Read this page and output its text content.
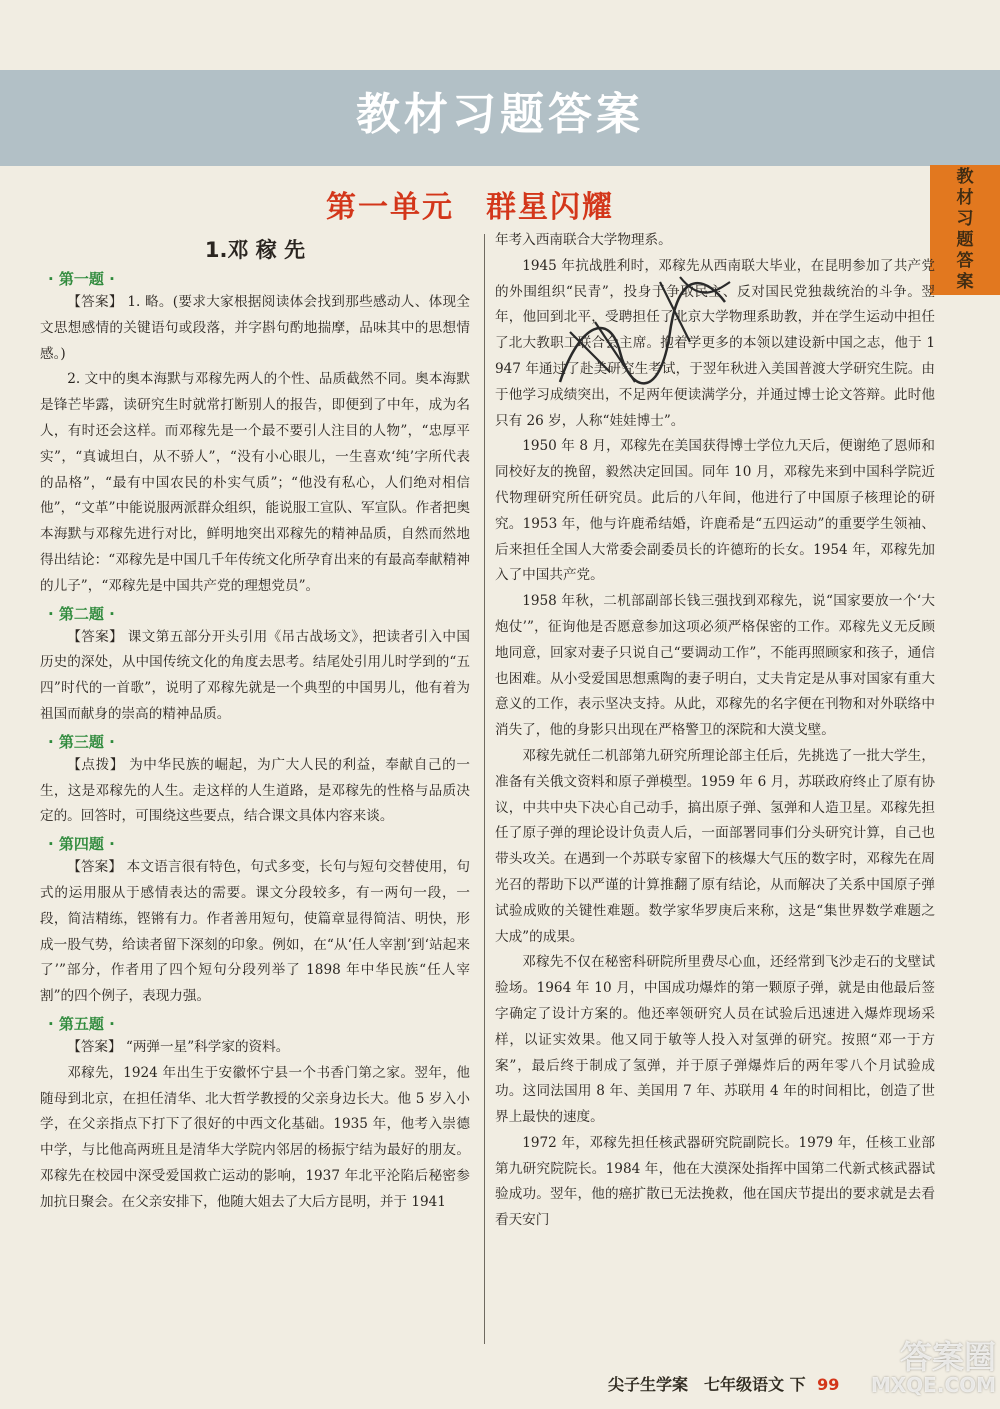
教材习题答案
教材习题答案
第一单元　群星闪耀
1.邓 稼 先
· 第一题 ·

【答案】 1. 略。(要求大家根据阅读体会找到那些感动人、体现全文思想感情的关键语句或段落，并字斟句酌地揣摩，品味其中的思想情感。)

2. 文中的奥本海默与邓稼先两人的个性、品质截然不同。奥本海默是锋芒毕露，读研究生时就常打断别人的报告，即便到了中年，成为名人，有时还会这样。而邓稼先是一个最不要引人注目的人物”，“忠厚平实”，“真诚坦白，从不骄人”，“没有小心眼儿，一生喜欢‘纯’字所代表的品格”，“最有中国农民的朴实气质”；“他没有私心，人们绝对相信他”，“文革”中能说服两派群众组织，能说服工宣队、军宣队。作者把奥本海默与邓稼先进行对比，鲜明地突出邓稼先的精神品质，自然而然地得出结论：“邓稼先是中国几千年传统文化所孕育出来的有最高奉献精神的儿子”，“邓稼先是中国共产党的理想党员”。

· 第二题 ·

【答案】 课文第五部分开头引用《吊古战场文》，把读者引入中国历史的深处，从中国传统文化的角度去思考。结尾处引用儿时学到的“五四”时代的一首歌”，说明了邓稼先就是一个典型的中国男儿，他有着为祖国而献身的崇高的精神品质。

· 第三题 ·

【点拨】 为中华民族的崛起，为广大人民的利益，奉献自己的一生，这是邓稼先的人生。走这样的人生道路，是邓稼先的性格与品质决定的。回答时，可围绕这些要点，结合课文具体内容来谈。

· 第四题 ·

【答案】 本文语言很有特色，句式多变，长句与短句交替使用，句式的运用服从于感情表达的需要。课文分段较多，有一两句一段，一段，简洁精练，铿锵有力。作者善用短句，使篇章显得简洁、明快，形成一股气势，给读者留下深刻的印象。例如，在“从‘任人宰割’到‘站起来了’”部分，作者用了四个短句分段列举了 1898 年中华民族“任人宰割”的四个例子，表现力强。

· 第五题 ·

【答案】 “两弹一星”科学家的资料。

邓稼先，1924 年出生于安徽怀宁县一个书香门第之家。翌年，他随母到北京，在担任清华、北大哲学教授的父亲身边长大。他 5 岁入小学，在父亲指点下打下了很好的中西文化基础。1935 年，他考入崇德中学，与比他高两班且是清华大学院内邻居的杨振宁结为最好的朋友。邓稼先在校园中深受爱国救亡运动的影响，1937 年北平沦陷后秘密参加抗日聚会。在父亲安排下，他随大姐去了大后方昆明，并于 1941

年考入西南联合大学物理系。

1945 年抗战胜利时，邓稼先从西南联大毕业，在昆明参加了共产党的外围组织“民青”，投身于争取民主、反对国民党独裁统治的斗争。翌年，他回到北平，受聘担任了北京大学物理系助教，并在学生运动中担任了北大教职工联合会主席。抱着学更多的本领以建设新中国之志，他于 1947 年通过了赴美研究生考试，于翌年秋进入美国普渡大学研究生院。由于他学习成绩突出，不足两年便读满学分，并通过博士论文答辩。此时他只有 26 岁，人称“娃娃博士”。

1950 年 8 月，邓稼先在美国获得博士学位九天后，便谢绝了恩师和同校好友的挽留，毅然决定回国。同年 10 月，邓稼先来到中国科学院近代物理研究所任研究员。此后的八年间，他进行了中国原子核理论的研究。1953 年，他与许鹿希结婚，许鹿希是“五四运动”的重要学生领袖、后来担任全国人大常委会副委员长的许德珩的长女。1954 年，邓稼先加入了中国共产党。

1958 年秋，二机部副部长钱三强找到邓稼先，说“国家要放一个‘大炮仗’”，征询他是否愿意参加这项必须严格保密的工作。邓稼先义无反顾地同意，回家对妻子只说自己“要调动工作”，不能再照顾家和孩子，通信也困难。从小受爱国思想熏陶的妻子明白，丈夫肯定是从事对国家有重大意义的工作，表示坚决支持。从此，邓稼先的名字便在刊物和对外联络中消失了，他的身影只出现在严格警卫的深院和大漠戈壁。

邓稼先就任二机部第九研究所理论部主任后，先挑选了一批大学生，准备有关俄文资料和原子弹模型。1959 年 6 月，苏联政府终止了原有协议，中共中央下决心自己动手，搞出原子弹、氢弹和人造卫星。邓稼先担任了原子弹的理论设计负责人后，一面部署同事们分头研究计算，自己也带头攻关。在遇到一个苏联专家留下的核爆大气压的数字时，邓稼先在周光召的帮助下以严谨的计算推翻了原有结论，从而解决了关系中国原子弹试验成败的关键性难题。数学家华罗庚后来称，这是“集世界数学难题之大成”的成果。

邓稼先不仅在秘密科研院所里费尽心血，还经常到飞沙走石的戈壁试验场。1964 年 10 月，中国成功爆炸的第一颗原子弹，就是由他最后签字确定了设计方案的。他还率领研究人员在试验后迅速进入爆炸现场采样，以证实效果。他又同于敏等人投入对氢弹的研究。按照“邓一于方案”，最后终于制成了氢弹，并于原子弹爆炸后的两年零八个月试验成功。这同法国用 8 年、美国用 7 年、苏联用 4 年的时间相比，创造了世界上最快的速度。

1972 年，邓稼先担任核武器研究院副院长。1979 年，任核工业部第九研究院院长。1984 年，他在大漠深处指挥中国第二代新式核武器试验成功。翌年，他的癌扩散已无法挽救，他在国庆节提出的要求就是去看看天安门

尖子生学案　七年级语文 下 99
答案圈
MXQE.COM
